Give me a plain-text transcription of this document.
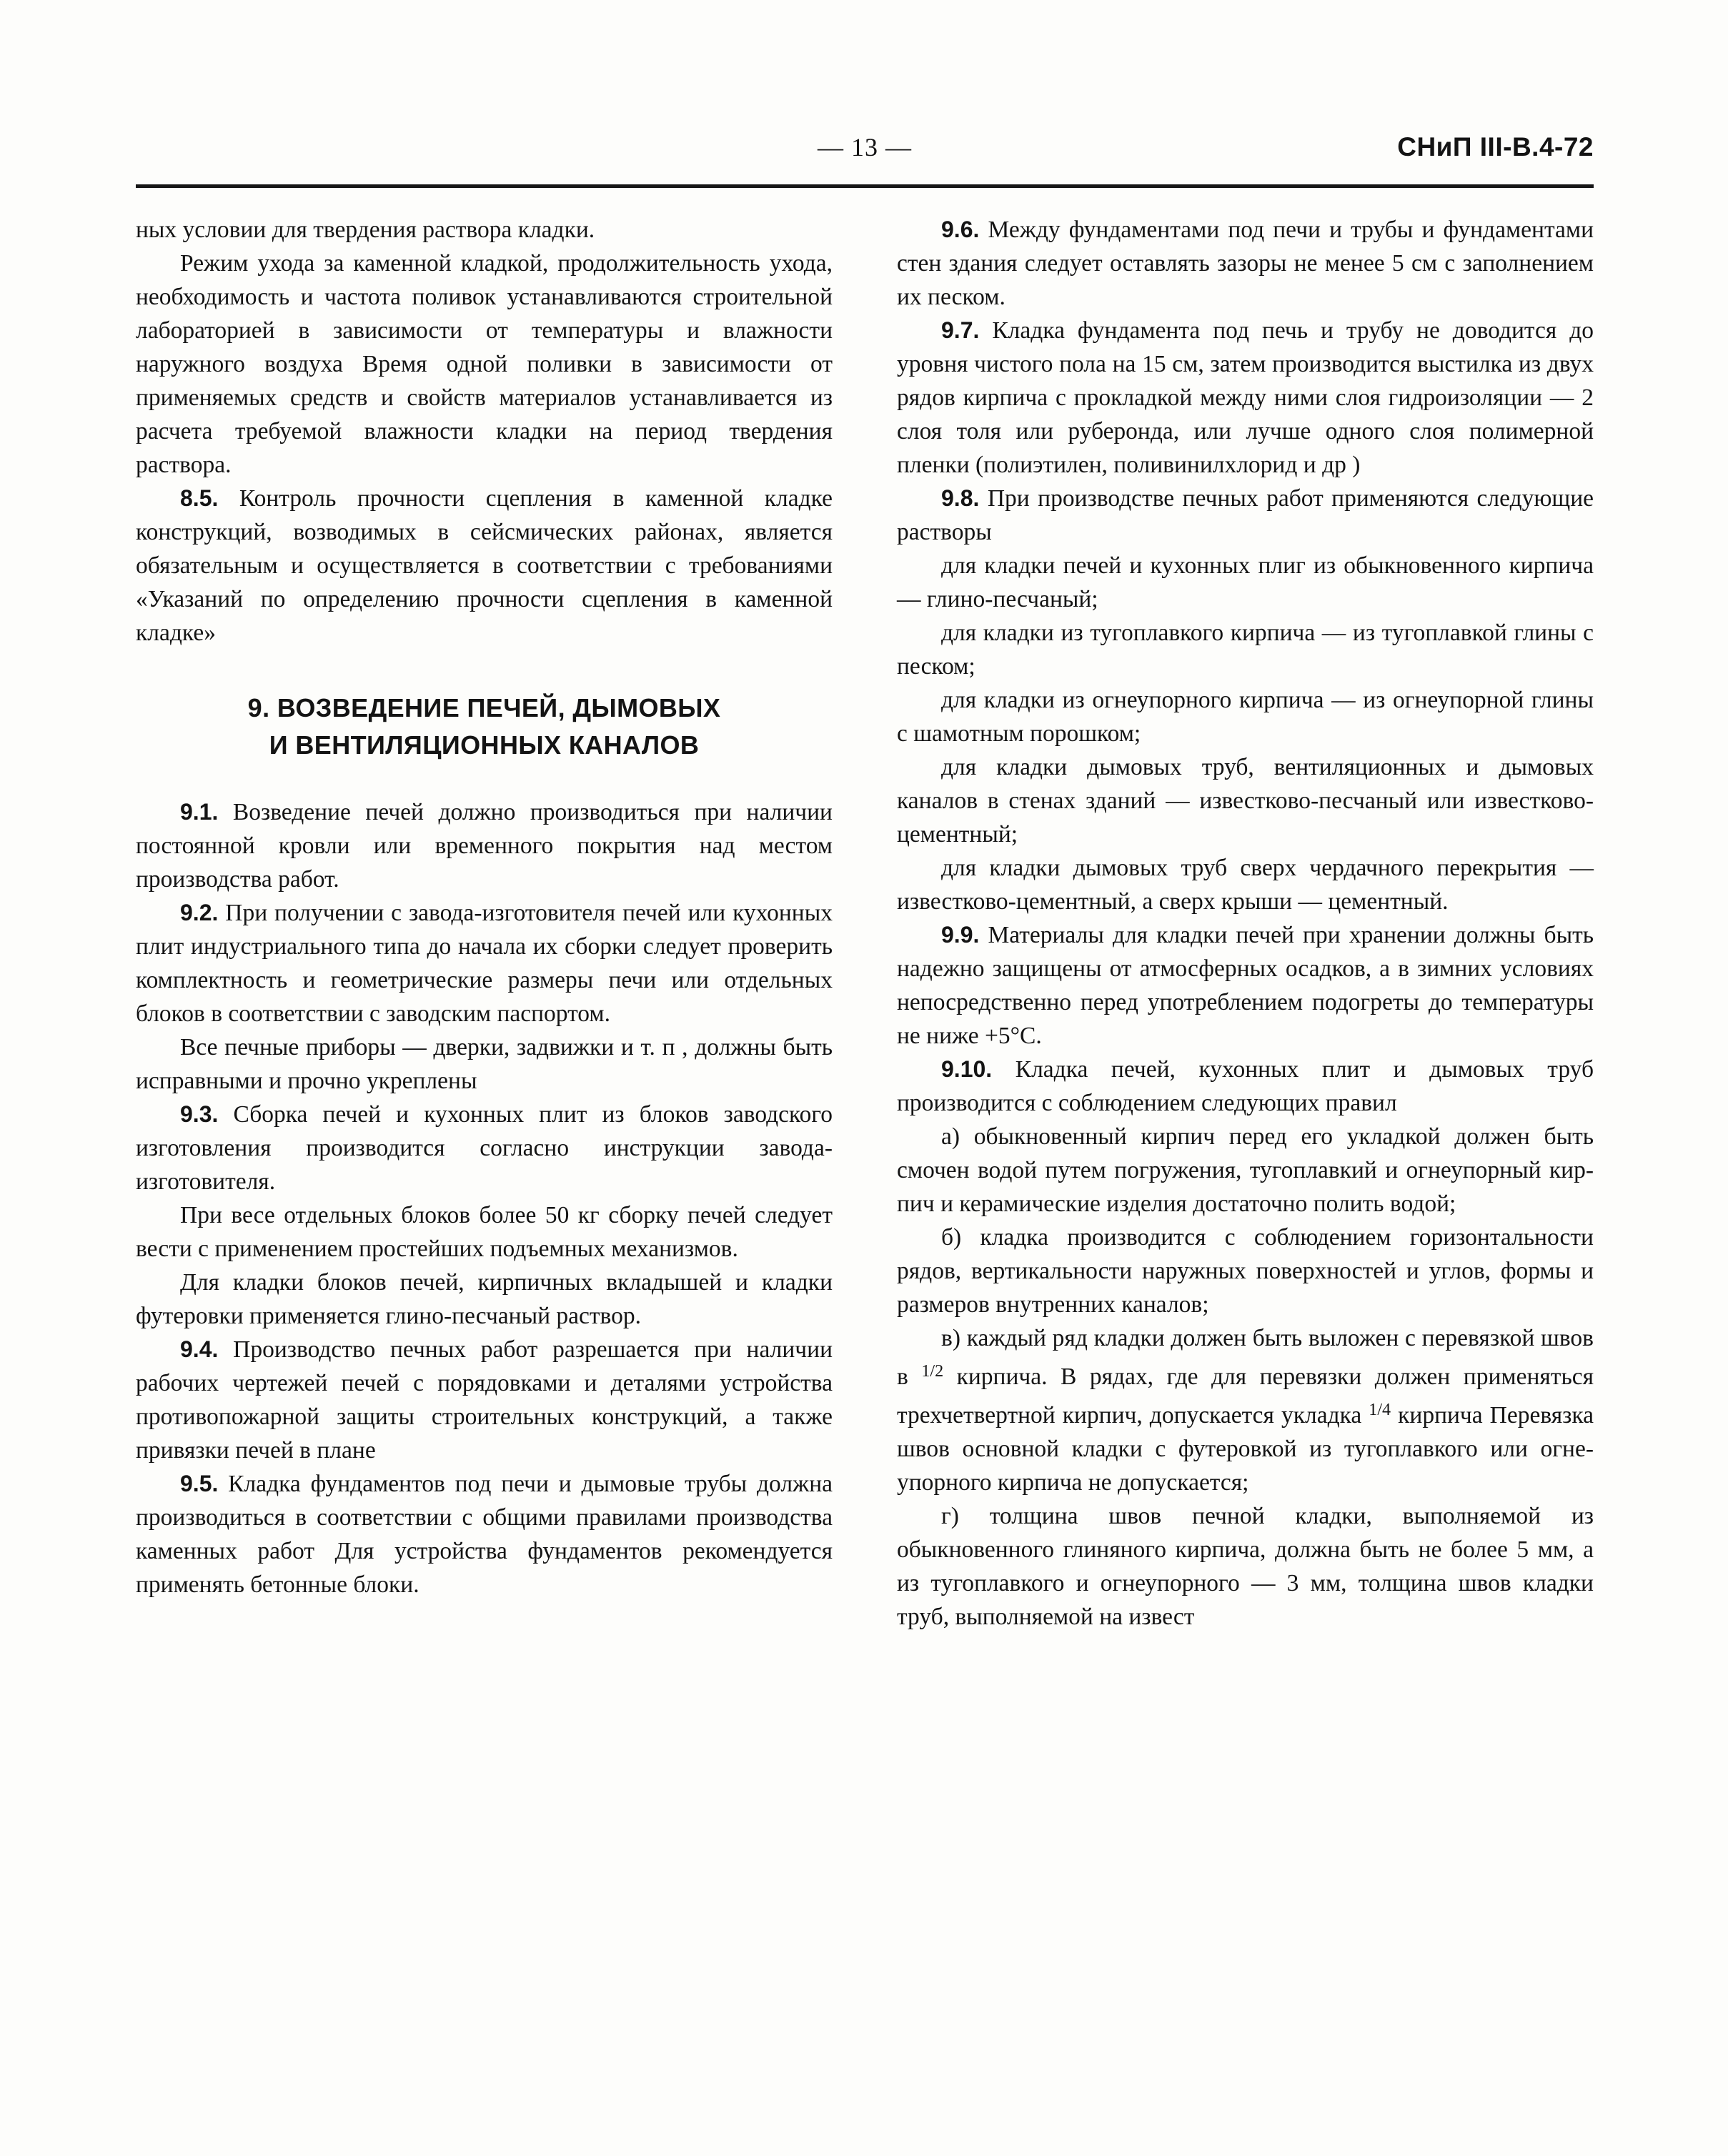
— 13 —	СНиП III-В.4-72

ных условии для твердения раствора кладки.

Режим ухода за каменной кладкой, продолжительность ухода, необходимость и частота поливок устанавливаются строительной лабораторией в зависимости от температуры и влажности наружного воздуха Время одной поливки в зависимости от применяемых средств и свойств материалов устанавливается из расчета требуемой влажности кладки на период твердения раствора.

8.5. Контроль прочности сцепления в каменной кладке конструкций, возводимых в сейсмических районах, является обязательным и осуществляется в соответствии с требованиями «Указаний по определению прочности сцепления в каменной кладке»

9. ВОЗВЕДЕНИЕ ПЕЧЕЙ, ДЫМОВЫХ
И ВЕНТИЛЯЦИОННЫХ КАНАЛОВ

9.1. Возведение печей должно производиться при наличии постоянной кровли или временного покрытия над местом производства работ.

9.2. При получении с завода-изготовителя печей или кухонных плит индустриального типа до начала их сборки следует проверить комплектность и геометрические размеры печи или отдельных блоков в соответствии с заводским паспортом.

Все печные приборы — дверки, задвижки и т. п , должны быть исправными и прочно укреплены

9.3. Сборка печей и кухонных плит из блоков заводского изготовления производится согласно инструкции завода-изготовителя.

При весе отдельных блоков более 50 кг сборку печей следует вести с применением простейших подъемных механизмов.

Для кладки блоков печей, кирпичных вкладышей и кладки футеровки применяется глино-песчаный раствор.

9.4. Производство печных работ разрешается при наличии рабочих чертежей печей с порядовками и деталями устройства противопожарной защиты строительных конструкций, а также привязки печей в плане

9.5. Кладка фундаментов под печи и дымовые трубы должна производиться в соответствии с общими правилами производства каменных работ Для устройства фундаментов рекомендуется применять бетонные блоки.

9.6. Между фундаментами под печи и трубы и фундаментами стен здания следует оставлять зазоры не менее 5 см с заполнением их песком.

9.7. Кладка фундамента под печь и трубу не доводится до уровня чистого пола на 15 см, затем производится выстилка из двух рядов кирпича с прокладкой между ними слоя гидроизоляции — 2 слоя толя или руберонда, или лучше одного слоя полимерной пленки (полиэтилен, поливинилхлорид и др )

9.8. При производстве печных работ применяются следующие растворы

для кладки печей и кухонных плиг из обыкновенного кирпича — глино-песчаный;

для кладки из тугоплавкого кирпича — из тугоплавкой глины с песком;

для кладки из огнеупорного кирпича — из огнеупорной глины с шамотным порошком;

для кладки дымовых труб, вентиляционных и дымовых каналов в стенах зданий — известково-песчаный или известково-цементный;

для кладки дымовых труб сверх чердачного перекрытия — известково-цементный, а сверх крыши — цементный.

9.9. Материалы для кладки печей при хранении должны быть надежно защищены от атмосферных осадков, а в зимних условиях непосредственно перед употреблением подогреты до температуры не ниже +5°С.

9.10. Кладка печей, кухонных плит и дымовых труб производится с соблюдением следующих правил

а) обыкновенный кирпич перед его укладкой должен быть смочен водой путем погружения, тугоплавкий и огнеупорный кирпич и керамические изделия достаточно полить водой;

б) кладка производится с соблюдением горизонтальности рядов, вертикальности наружных поверхностей и углов, формы и размеров внутренних каналов;

в) каждый ряд кладки должен быть выложен с перевязкой швов в $^{1/2}$ кирпича. В рядах, где для перевязки должен применяться трехчетвертной кирпич, допускается укладка $^{1/4}$ кирпича Перевязка швов основной кладки с футеровкой из тугоплавкого или огнеупорного кирпича не допускается;

г) толщина швов печной кладки, выполняемой из обыкновенного глиняного кирпича, должна быть не более 5 мм, а из тугоплавкого и огнеупорного — 3 мм, толщина швов кладки труб, выполняемой на извест
